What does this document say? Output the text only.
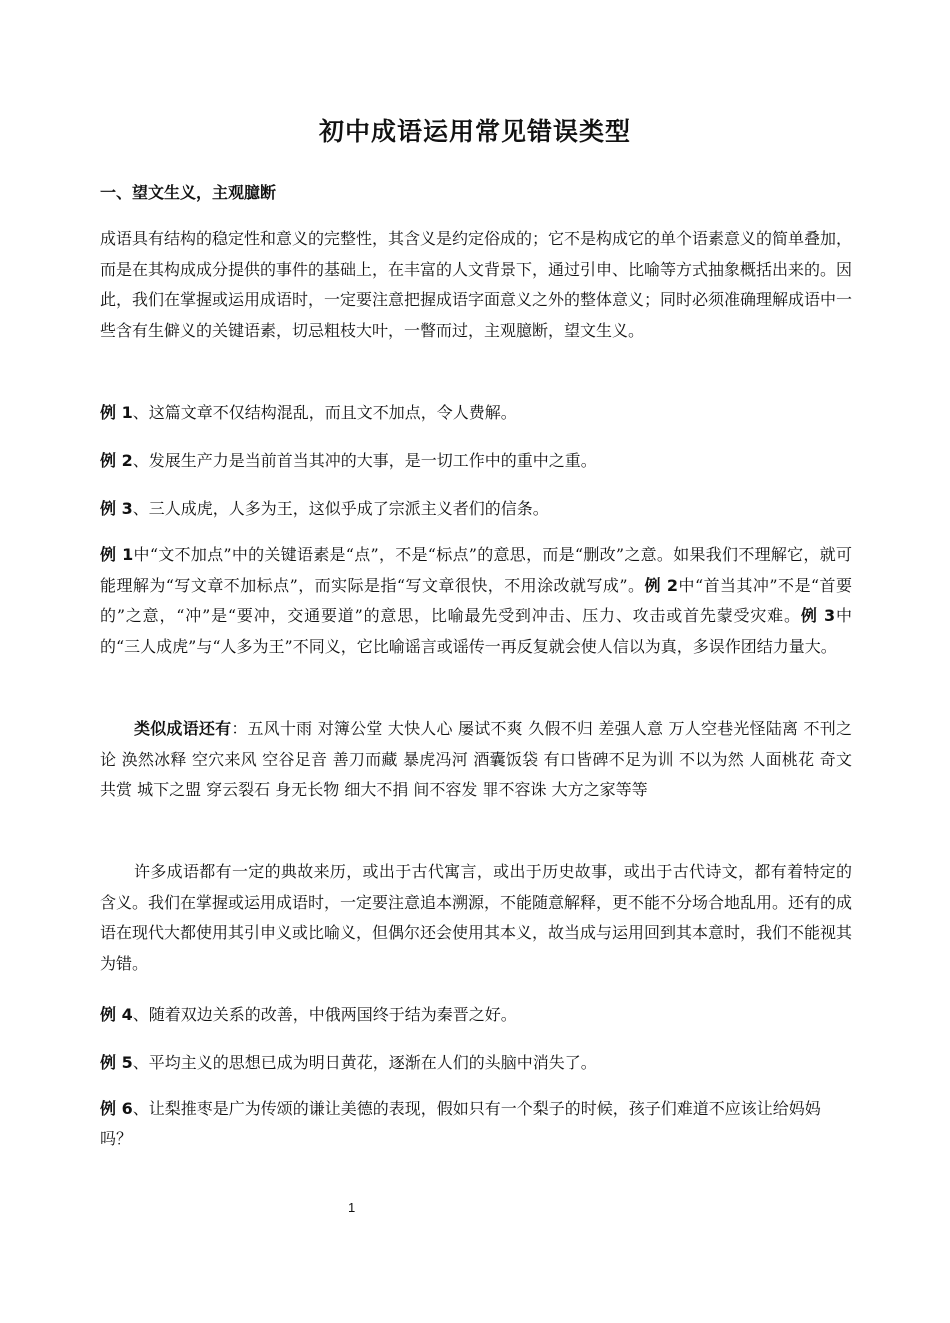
初中成语运用常见错误类型
一、望文生义，主观臆断
成语具有结构的稳定性和意义的完整性，其含义是约定俗成的；它不是构成它的单个语素意义的简单叠加，而是在其构成成分提供的事件的基础上，在丰富的人文背景下，通过引申、比喻等方式抽象概括出来的。因此，我们在掌握或运用成语时，一定要注意把握成语字面意义之外的整体意义；同时必须准确理解成语中一些含有生僻义的关键语素，切忌粗枝大叶，一瞥而过，主观臆断，望文生义。
例 1、这篇文章不仅结构混乱，而且文不加点，令人费解。
例 2、发展生产力是当前首当其冲的大事，是一切工作中的重中之重。
例 3、三人成虎，人多为王，这似乎成了宗派主义者们的信条。
例 1中“文不加点”中的关键语素是“点”，不是“标点”的意思，而是“删改”之意。如果我们不理解它，就可能理解为“写文章不加标点”，而实际是指“写文章很快，不用涂改就写成”。例 2中“首当其冲”不是“首要的”之意，“冲”是“要冲，交通要道”的意思，比喻最先受到冲击、压力、攻击或首先蒙受灾难。例 3中的“三人成虎”与“人多为王”不同义，它比喻谣言或谣传一再反复就会使人信以为真，多误作团结力量大。
类似成语还有：五风十雨 对簿公堂 大快人心 屡试不爽 久假不归 差强人意 万人空巷光怪陆离 不刊之论 涣然冰释 空穴来风 空谷足音 善刀而藏 暴虎冯河 酒囊饭袋 有口皆碑不足为训 不以为然 人面桃花 奇文共赏 城下之盟 穿云裂石 身无长物 细大不捐 间不容发 罪不容诛 大方之家等等
许多成语都有一定的典故来历，或出于古代寓言，或出于历史故事，或出于古代诗文，都有着特定的含义。我们在掌握或运用成语时，一定要注意追本溯源，不能随意解释，更不能不分场合地乱用。还有的成语在现代大都使用其引申义或比喻义，但偶尔还会使用其本义，故当成与运用回到其本意时，我们不能视其为错。
例 4、随着双边关系的改善，中俄两国终于结为秦晋之好。
例 5、平均主义的思想已成为明日黄花，逐渐在人们的头脑中消失了。
例 6、让梨推枣是广为传颂的谦让美德的表现，假如只有一个梨子的时候，孩子们难道不应该让给妈妈吗？
1
